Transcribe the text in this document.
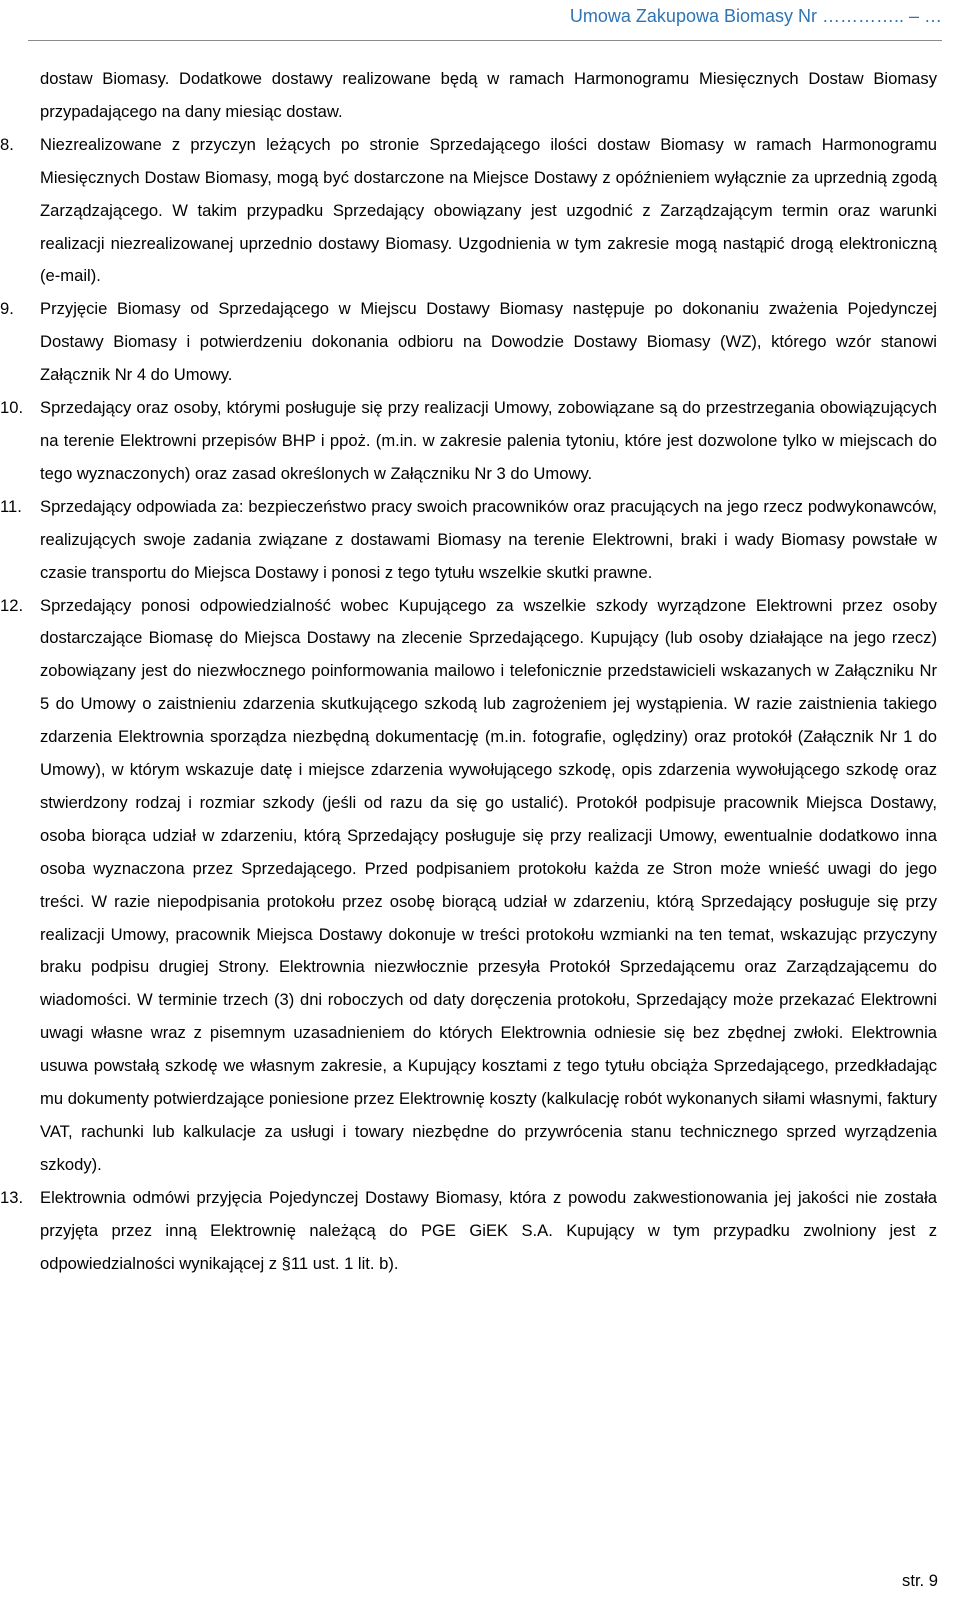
Umowa Zakupowa Biomasy Nr ………….. – …

dostaw Biomasy. Dodatkowe dostawy realizowane będą w ramach Harmonogramu Miesięcznych Dostaw Biomasy przypadającego na dany miesiąc dostaw.

8.	Niezrealizowane z przyczyn leżących po stronie Sprzedającego ilości dostaw Biomasy w ramach Harmonogramu Miesięcznych Dostaw Biomasy, mogą być dostarczone na Miejsce Dostawy z opóźnieniem wyłącznie za uprzednią zgodą Zarządzającego. W takim przypadku Sprzedający obowiązany jest uzgodnić z Zarządzającym termin oraz warunki realizacji niezrealizowanej uprzednio dostawy Biomasy. Uzgodnienia w tym zakresie mogą nastąpić drogą elektroniczną (e-mail).

9.	Przyjęcie Biomasy od Sprzedającego w Miejscu Dostawy Biomasy następuje po dokonaniu zważenia Pojedynczej Dostawy Biomasy i potwierdzeniu dokonania odbioru na Dowodzie Dostawy Biomasy (WZ), którego wzór stanowi Załącznik Nr 4 do Umowy.

10.	Sprzedający oraz osoby, którymi posługuje się przy realizacji Umowy, zobowiązane są do przestrzegania obowiązujących na terenie Elektrowni przepisów BHP i ppoż. (m.in. w zakresie palenia tytoniu, które jest dozwolone tylko w miejscach do tego wyznaczonych) oraz zasad określonych w Załączniku Nr 3 do Umowy.

11.	Sprzedający odpowiada za: bezpieczeństwo pracy swoich pracowników oraz pracujących na jego rzecz podwykonawców, realizujących swoje zadania związane z dostawami Biomasy na terenie Elektrowni, braki i wady Biomasy powstałe w czasie transportu do Miejsca Dostawy i ponosi z tego tytułu wszelkie skutki prawne.

12.	Sprzedający ponosi odpowiedzialność wobec Kupującego za wszelkie szkody wyrządzone Elektrowni przez osoby dostarczające Biomasę do Miejsca Dostawy na zlecenie Sprzedającego. Kupujący (lub osoby działające na jego rzecz) zobowiązany jest do niezwłocznego poinformowania mailowo i telefonicznie przedstawicieli wskazanych w Załączniku Nr 5 do Umowy o zaistnieniu zdarzenia skutkującego szkodą lub zagrożeniem jej wystąpienia. W razie zaistnienia takiego zdarzenia Elektrownia sporządza niezbędną dokumentację (m.in. fotografie, oględziny) oraz protokół (Załącznik Nr 1 do Umowy), w którym wskazuje datę i miejsce zdarzenia wywołującego szkodę, opis zdarzenia wywołującego szkodę oraz stwierdzony rodzaj i rozmiar szkody (jeśli od razu da się go ustalić). Protokół podpisuje pracownik Miejsca Dostawy, osoba biorąca udział w zdarzeniu, którą Sprzedający posługuje się przy realizacji Umowy, ewentualnie dodatkowo inna osoba wyznaczona przez Sprzedającego. Przed podpisaniem protokołu każda ze Stron może wnieść uwagi do jego treści. W razie niepodpisania protokołu przez osobę biorącą udział w zdarzeniu, którą Sprzedający posługuje się przy realizacji Umowy, pracownik Miejsca Dostawy dokonuje w treści protokołu wzmianki na ten temat, wskazując przyczyny braku podpisu drugiej Strony. Elektrownia niezwłocznie przesyła Protokół Sprzedającemu oraz Zarządzającemu do wiadomości. W terminie trzech (3) dni roboczych od daty doręczenia protokołu, Sprzedający może przekazać Elektrowni uwagi własne wraz z pisemnym uzasadnieniem do których Elektrownia odniesie się bez zbędnej zwłoki. Elektrownia usuwa powstałą szkodę we własnym zakresie, a Kupujący kosztami z tego tytułu obciąża Sprzedającego, przedkładając mu dokumenty potwierdzające poniesione przez Elektrownię koszty (kalkulację robót wykonanych siłami własnymi, faktury VAT, rachunki lub kalkulacje za usługi i towary niezbędne do przywrócenia stanu technicznego sprzed wyrządzenia szkody).

13.	Elektrownia odmówi przyjęcia Pojedynczej Dostawy Biomasy, która z powodu zakwestionowania jej jakości nie została przyjęta przez inną Elektrownię należącą do PGE GiEK S.A. Kupujący w tym przypadku zwolniony jest z odpowiedzialności wynikającej z §11 ust. 1 lit. b).

str. 9
